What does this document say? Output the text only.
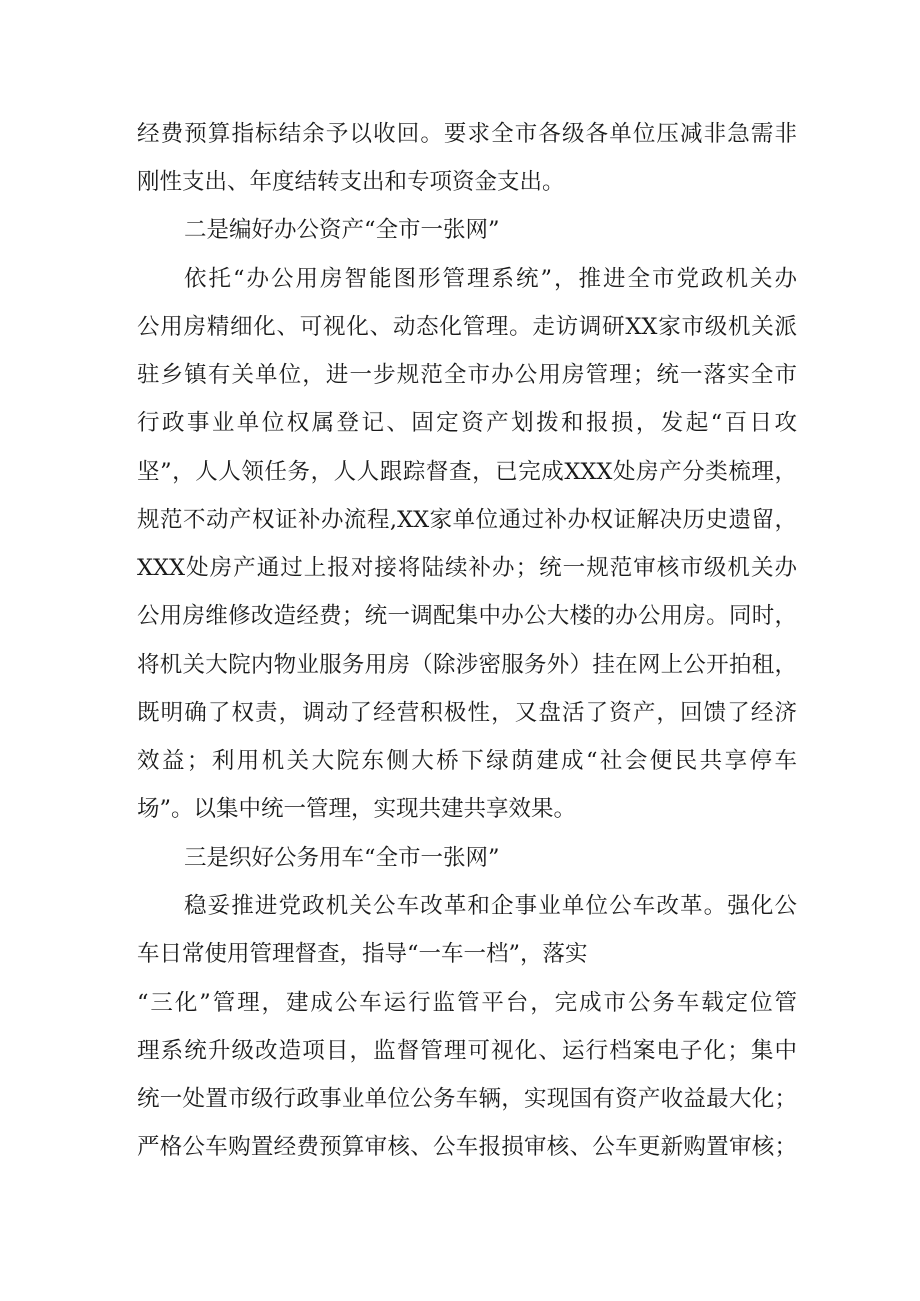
经费预算指标结余予以收回。要求全市各级各单位压减非急需非
刚性支出、年度结转支出和专项资金支出。
二是编好办公资产“全市一张网”
依托“办公用房智能图形管理系统”，推进全市党政机关办
公用房精细化、可视化、动态化管理。走访调研XX家市级机关派
驻乡镇有关单位，进一步规范全市办公用房管理；统一落实全市
行政事业单位权属登记、固定资产划拨和报损，发起“百日攻
坚”，人人领任务，人人跟踪督查，已完成XXX处房产分类梳理，
规范不动产权证补办流程,XX家单位通过补办权证解决历史遗留，
XXX处房产通过上报对接将陆续补办；统一规范审核市级机关办
公用房维修改造经费；统一调配集中办公大楼的办公用房。同时，
将机关大院内物业服务用房（除涉密服务外）挂在网上公开拍租，
既明确了权责，调动了经营积极性，又盘活了资产，回馈了经济
效益；利用机关大院东侧大桥下绿荫建成“社会便民共享停车
场”。以集中统一管理，实现共建共享效果。
三是织好公务用车“全市一张网”
稳妥推进党政机关公车改革和企事业单位公车改革。强化公
车日常使用管理督查，指导“一车一档”，落实
“三化”管理，建成公车运行监管平台，完成市公务车载定位管
理系统升级改造项目，监督管理可视化、运行档案电子化；集中
统一处置市级行政事业单位公务车辆，实现国有资产收益最大化；
严格公车购置经费预算审核、公车报损审核、公车更新购置审核；
